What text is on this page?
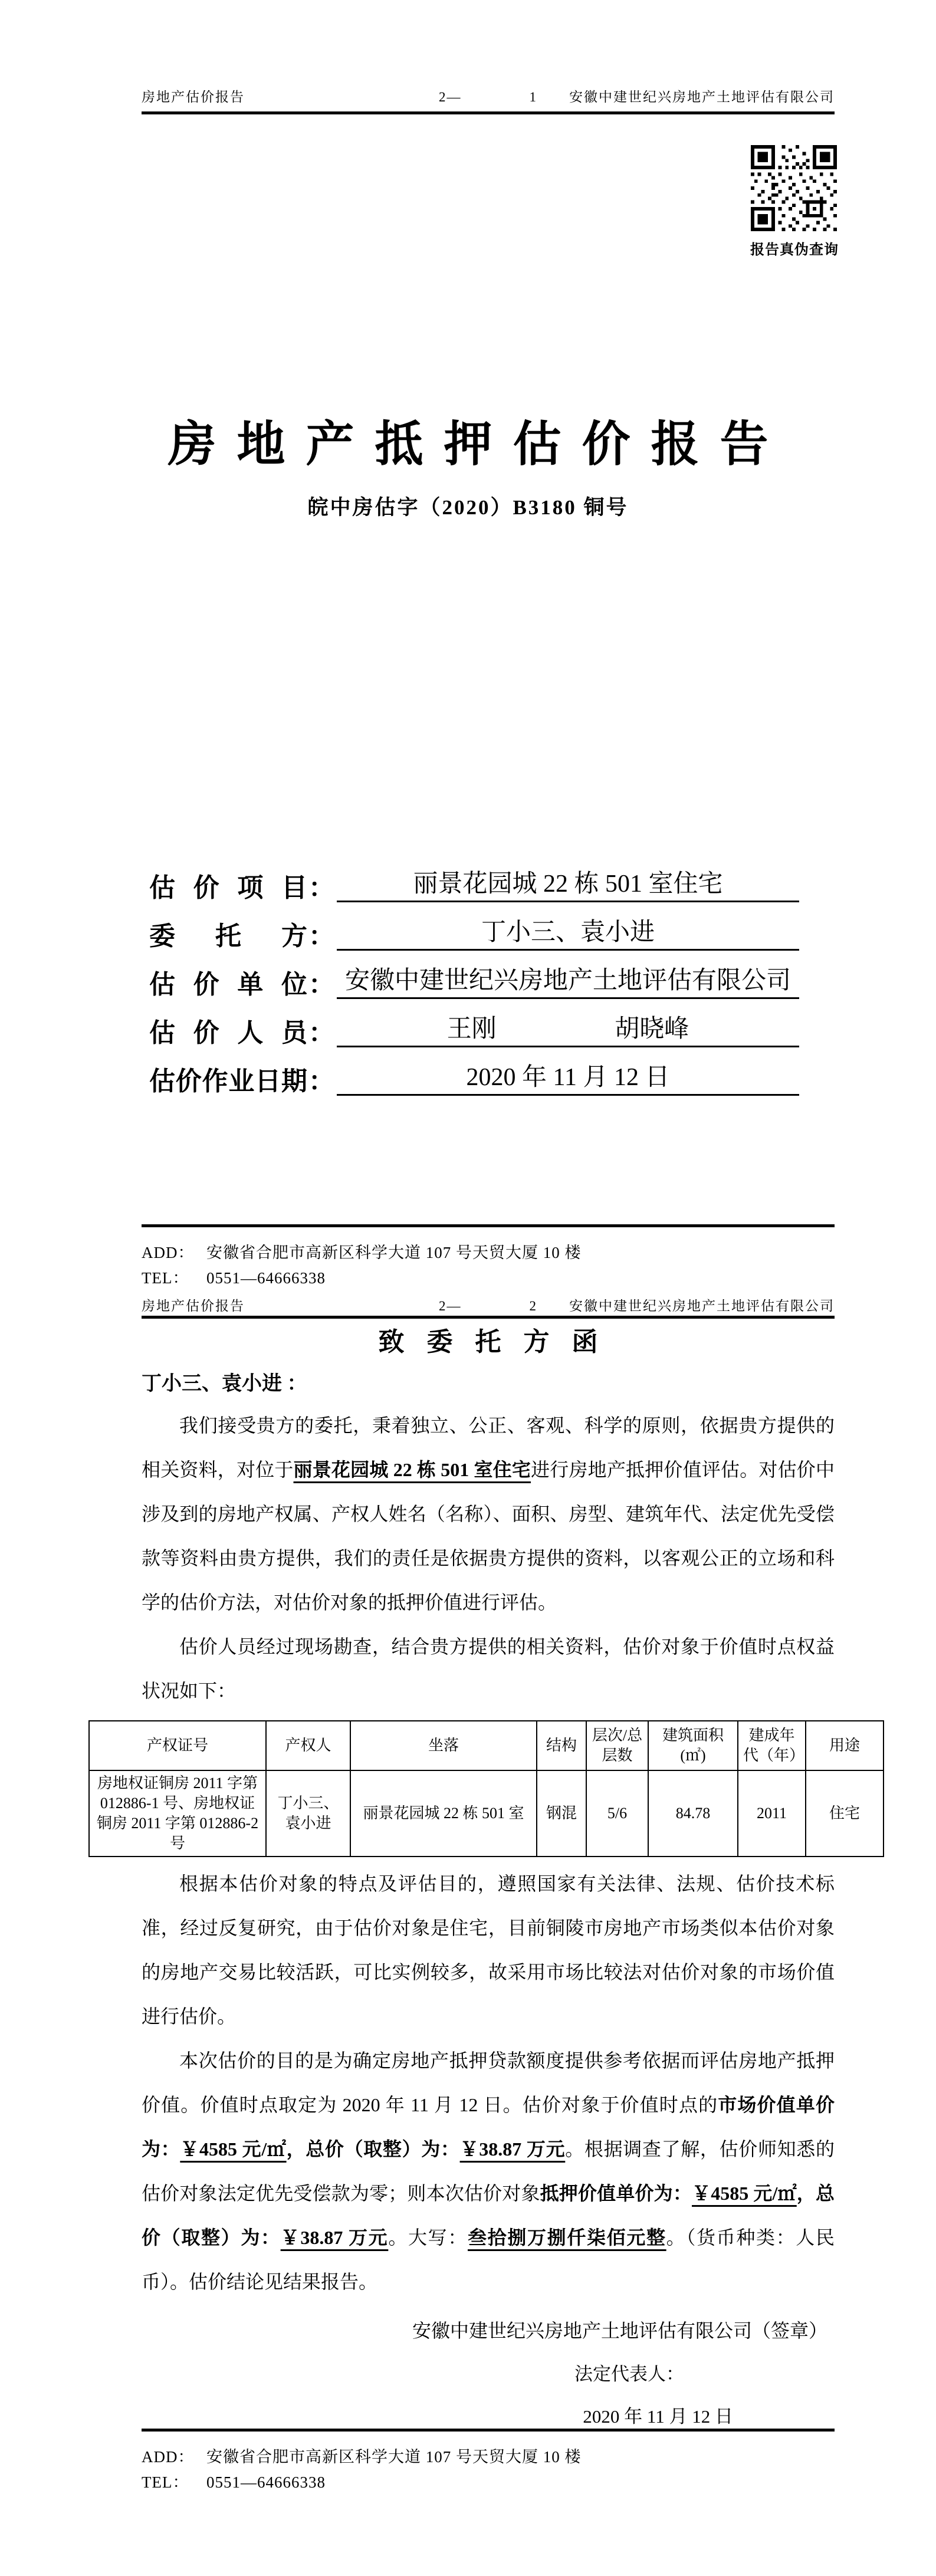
房地产估价报告	2—	1 安徽中建世纪兴房地产土地评估有限公司
报告真伪查询
房地产抵押估价报告
皖中房估字（2020）B3180 铜号
估价项目 ：	丽景花园城 22 栋 501 室住宅
委托方 ：	丁小三、袁小进
估价单位 ： 安徽中建世纪兴房地产土地评估有限公司
估价人员 ：	王刚	胡晓峰
估价作业日期 ：	2020 年 11 月 12 日
ADD： 安徽省合肥市高新区科学大道 107 号天贸大厦 10 楼
TEL：	0551—64666338
房地产估价报告	2—	2 安徽中建世纪兴房地产土地评估有限公司
致委托方函
丁小三、袁小进 ：

我们接受贵方的委托，秉着独立、公正、客观、科学的原则，依据贵方提供的相关资料，对位于丽景花园城 22 栋 501 室住宅进行房地产抵押价值评估。对估价中涉及到的房地产权属、产权人姓名（名称）、面积、房型、建筑年代、法定优先受偿款等资料由贵方提供，我们的责任是依据贵方提供的资料，以客观公正的立场和科学的估价方法，对估价对象的抵押价值进行评估。

估价人员经过现场勘查，结合贵方提供的相关资料，估价对象于价值时点权益状况如下：

产权证号	产权人	坐落	结构	层次/总层数	建筑面积(㎡)	建成年代（年）	用途
房地权证铜房 2011 字第 012886-1 号、房地权证铜房 2011 字第 012886-2 号	丁小三、袁小进	丽景花园城 22 栋 501 室	钢混	5/6	84.78	2011	住宅

根据本估价对象的特点及评估目的，遵照国家有关法律、法规、估价技术标准，经过反复研究，由于估价对象是住宅，目前铜陵市房地产市场类似本估价对象的房地产交易比较活跃，可比实例较多，故采用市场比较法对估价对象的市场价值进行估价。

本次估价的目的是为确定房地产抵押贷款额度提供参考依据而评估房地产抵押价值。价值时点取定为 2020 年 11 月 12 日。估价对象于价值时点的市场价值单价为：￥4585 元/㎡，总价（取整）为：￥38.87 万元。根据调查了解，估价师知悉的估价对象法定优先受偿款为零；则本次估价对象抵押价值单价为：￥4585 元/㎡，总价（取整）为：￥38.87 万元。大写：叁拾捌万捌仟柒佰元整。（货币种类：人民币）。估价结论见结果报告。

安徽中建世纪兴房地产土地评估有限公司（签章）

法定代表人：

2020 年 11 月 12 日

ADD： 安徽省合肥市高新区科学大道 107 号天贸大厦 10 楼
TEL：	0551—64666338
